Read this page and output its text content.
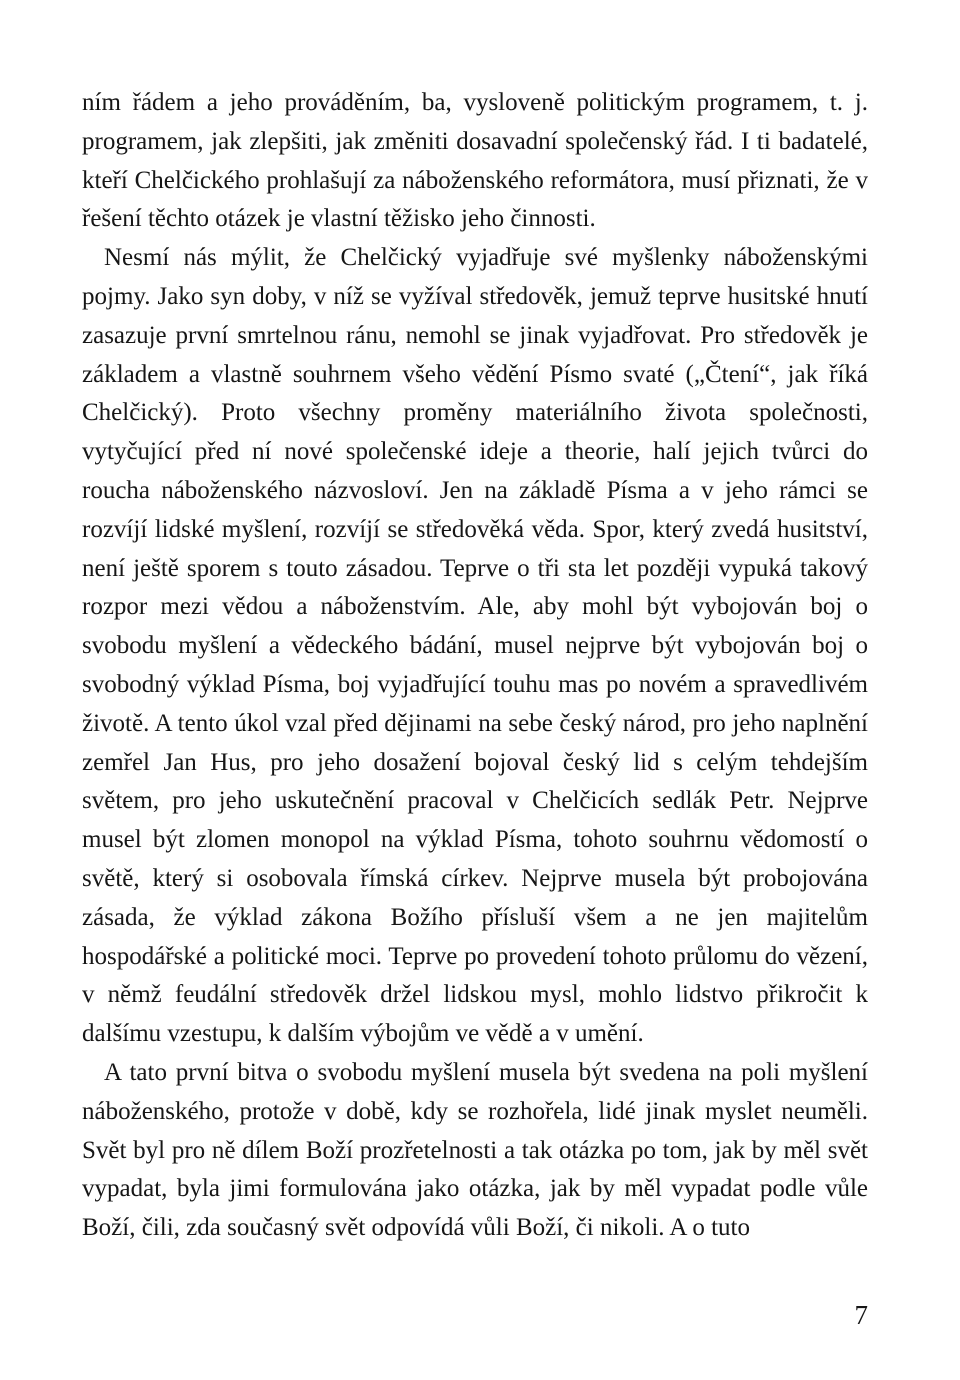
ním řádem a jeho prováděním, ba, vysloveně politickým programem, t. j. programem, jak zlepšiti, jak změniti dosavadní společenský řád. I ti badatelé, kteří Chelčického prohlašují za náboženského reformátora, musí přiznati, že v řešení těchto otázek je vlastní těžisko jeho činnosti.

Nesmí nás mýlit, že Chelčický vyjadřuje své myšlenky náboženskými pojmy. Jako syn doby, v níž se vyžíval středověk, jemuž teprve husitské hnutí zasazuje první smrtelnou ránu, nemohl se jinak vyjadřovat. Pro středověk je základem a vlastně souhrnem všeho vědění Písmo svaté („Čtení“, jak říká Chelčický). Proto všechny proměny materiálního života společnosti, vytyčující před ní nové společenské ideje a theorie, halí jejich tvůrci do roucha náboženského názvosloví. Jen na základě Písma a v jeho rámci se rozvíjí lidské myšlení, rozvíjí se středověká věda. Spor, který zvedá husitství, není ještě sporem s touto zásadou. Teprve o tři sta let později vypuká takový rozpor mezi vědou a náboženstvím. Ale, aby mohl být vybojován boj o svobodu myšlení a vědeckého bádání, musel nejprve být vybojován boj o svobodný výklad Písma, boj vyjadřující touhu mas po novém a spravedlivém životě. A tento úkol vzal před dějinami na sebe český národ, pro jeho naplnění zemřel Jan Hus, pro jeho dosažení bojoval český lid s celým tehdejším světem, pro jeho uskutečnění pracoval v Chelčicích sedlák Petr. Nejprve musel být zlomen monopol na výklad Písma, tohoto souhrnu vědomostí o světě, který si osobovala římská církev. Nejprve musela být probojována zásada, že výklad zákona Božího přísluší všem a ne jen majitelům hospodářské a politické moci. Teprve po provedení tohoto průlomu do vězení, v němž feudální středověk držel lidskou mysl, mohlo lidstvo přikročit k dalšímu vzestupu, k dalším výbojům ve vědě a v umění.

A tato první bitva o svobodu myšlení musela být svedena na poli myšlení náboženského, protože v době, kdy se rozhořela, lidé jinak myslet neuměli. Svět byl pro ně dílem Boží prozřetelnosti a tak otázka po tom, jak by měl svět vypadat, byla jimi formulována jako otázka, jak by měl vypadat podle vůle Boží, čili, zda současný svět odpovídá vůli Boží, či nikoli. A o tuto

7
